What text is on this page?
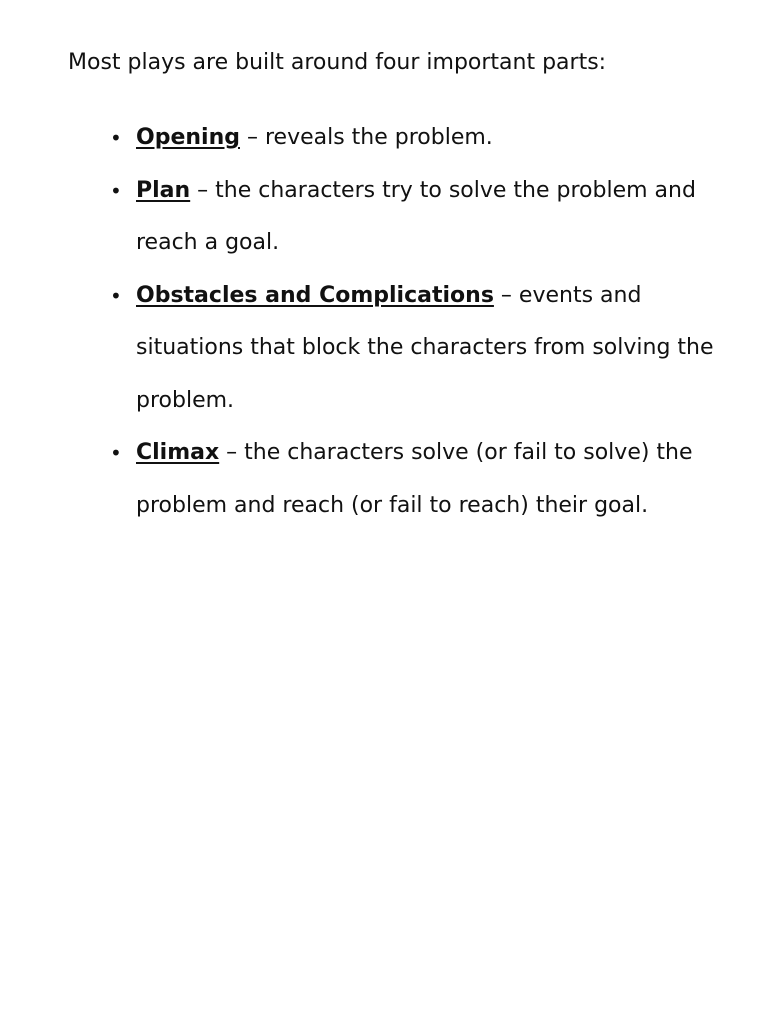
Most plays are built around four important parts:

• Opening – reveals the problem.
• Plan – the characters try to solve the problem and reach a goal.
• Obstacles and Complications – events and situations that block the characters from solving the problem.
• Climax – the characters solve (or fail to solve) the problem and reach (or fail to reach) their goal.
